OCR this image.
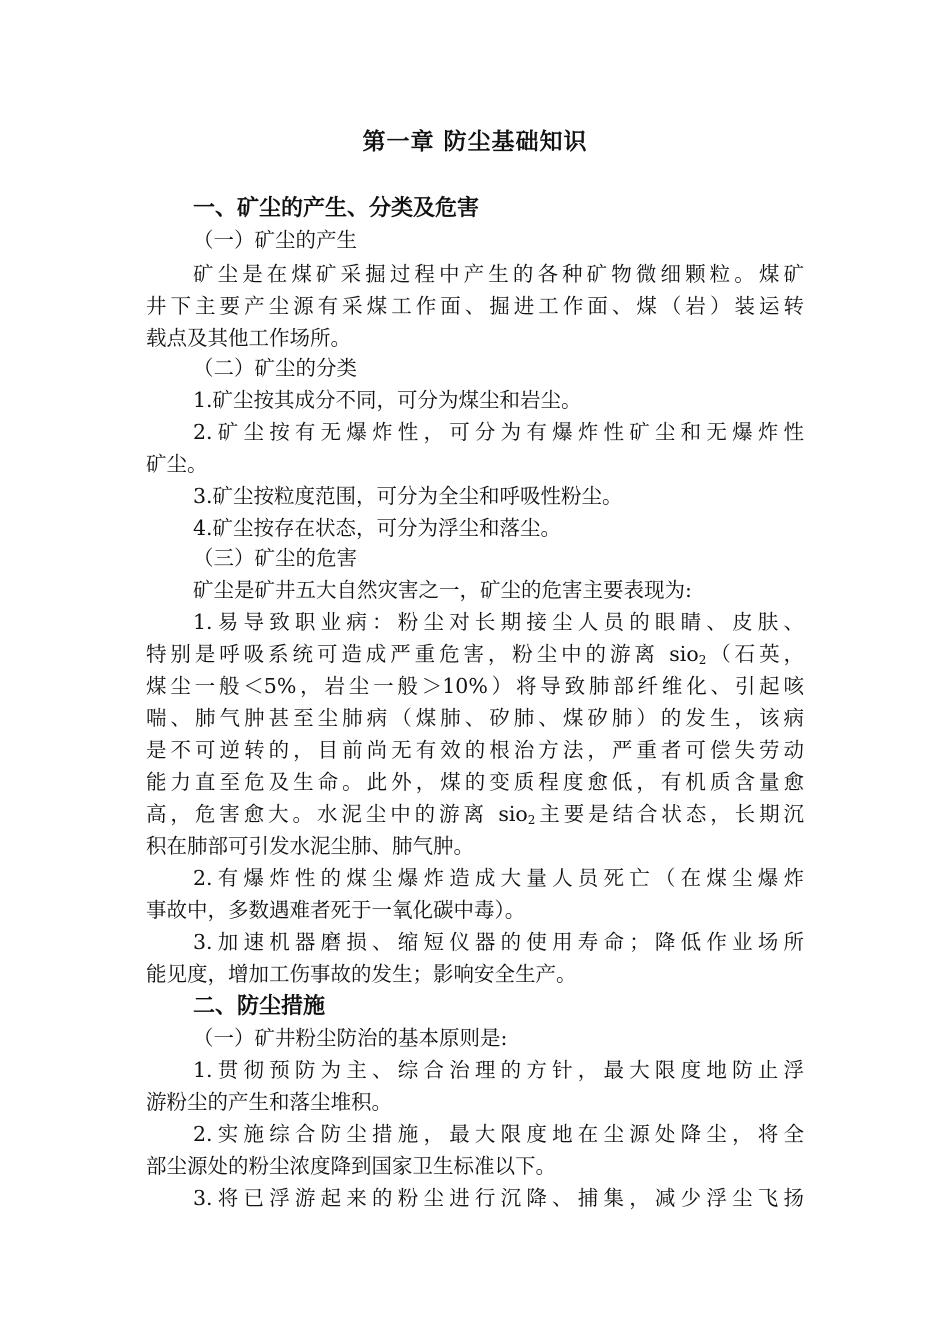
第一章 防尘基础知识
一、矿尘的产生、分类及危害
（一）矿尘的产生
矿尘是在煤矿采掘过程中产生的各种矿物微细颗粒。煤矿
井下主要产尘源有采煤工作面、掘进工作面、煤（岩）装运转
载点及其他工作场所。
（二）矿尘的分类
1.矿尘按其成分不同，可分为煤尘和岩尘。
2.矿尘按有无爆炸性，可分为有爆炸性矿尘和无爆炸性
矿尘。
3.矿尘按粒度范围，可分为全尘和呼吸性粉尘。
4.矿尘按存在状态，可分为浮尘和落尘。
（三）矿尘的危害
矿尘是矿井五大自然灾害之一，矿尘的危害主要表现为:
1.易导致职业病：粉尘对长期接尘人员的眼睛、皮肤、
特别是呼吸系统可造成严重危害，粉尘中的游离 sio$_2$（石英，
煤尘一般＜5%，岩尘一般＞10%）将导致肺部纤维化、引起咳
喘、肺气肿甚至尘肺病（煤肺、矽肺、煤矽肺）的发生，该病
是不可逆转的，目前尚无有效的根治方法，严重者可偿失劳动
能力直至危及生命。此外，煤的变质程度愈低，有机质含量愈
高，危害愈大。水泥尘中的游离 sio$_2$主要是结合状态，长期沉
积在肺部可引发水泥尘肺、肺气肿。
2.有爆炸性的煤尘爆炸造成大量人员死亡（在煤尘爆炸
事故中，多数遇难者死于一氧化碳中毒）。
3.加速机器磨损、缩短仪器的使用寿命；降低作业场所
能见度，增加工伤事故的发生；影响安全生产。
二、防尘措施
（一）矿井粉尘防治的基本原则是:
1.贯彻预防为主、综合治理的方针，最大限度地防止浮
游粉尘的产生和落尘堆积。
2.实施综合防尘措施，最大限度地在尘源处降尘，将全
部尘源处的粉尘浓度降到国家卫生标准以下。
3.将已浮游起来的粉尘进行沉降、捕集，减少浮尘飞扬
